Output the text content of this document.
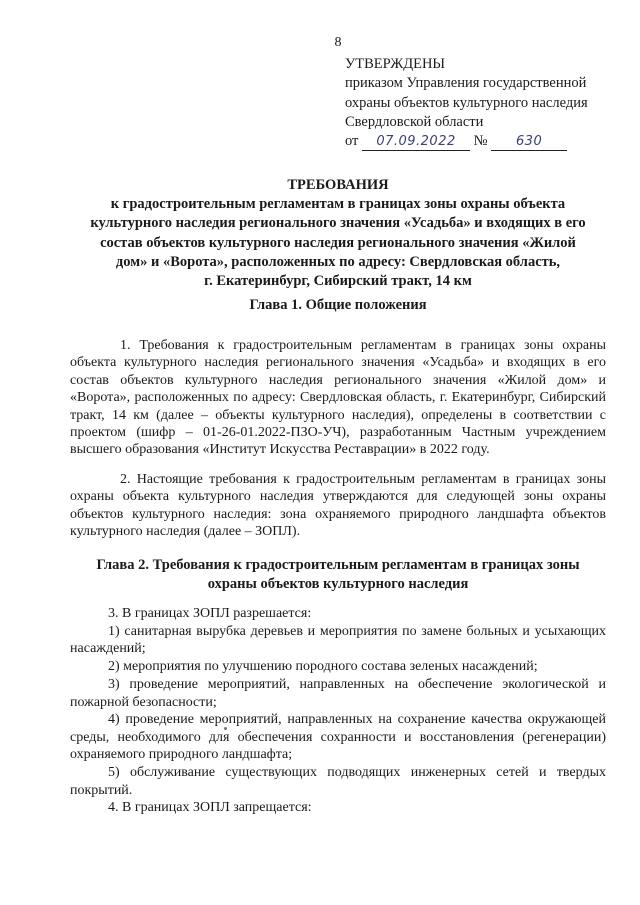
8
УТВЕРЖДЕНЫ
приказом Управления государственной
охраны объектов культурного наследия
Свердловской области
от 07.09.2022 № 630
ТРЕБОВАНИЯ
к градостроительным регламентам в границах зоны охраны объекта
культурного наследия регионального значения «Усадьба» и входящих в его
состав объектов культурного наследия регионального значения «Жилой
дом» и «Ворота», расположенных по адресу: Свердловская область,
г. Екатеринбург, Сибирский тракт, 14 км
Глава 1. Общие положения

1. Требования к градостроительным регламентам в границах зоны охраны объекта культурного наследия регионального значения «Усадьба» и входящих в его состав объектов культурного наследия регионального значения «Жилой дом» и «Ворота», расположенных по адресу: Свердловская область, г. Екатеринбург, Сибирский тракт, 14 км (далее – объекты культурного наследия), определены в соответствии с проектом (шифр – 01-26-01.2022-ПЗО-УЧ), разработанным Частным учреждением высшего образования «Институт Искусства Реставрации» в 2022 году.

2. Настоящие требования к градостроительным регламентам в границах зоны охраны объекта культурного наследия утверждаются для следующей зоны охраны объектов культурного наследия: зона охраняемого природного ландшафта объектов культурного наследия (далее – ЗОПЛ).

Глава 2. Требования к градостроительным регламентам в границах зоны
охраны объектов культурного наследия

3. В границах ЗОПЛ разрешается:

1) санитарная вырубка деревьев и мероприятия по замене больных и усыхающих насаждений;

2) мероприятия по улучшению породного состава зеленых насаждений;

3) проведение мероприятий, направленных на обеспечение экологической и пожарной безопасности;

4) проведение мероприятий, направленных на сохранение качества окружающей среды, необходимого для обеспечения сохранности и восстановления (регенерации) охраняемого природного ландшафта;

5) обслуживание существующих подводящих инженерных сетей и твердых покрытий.

4. В границах ЗОПЛ запрещается:
